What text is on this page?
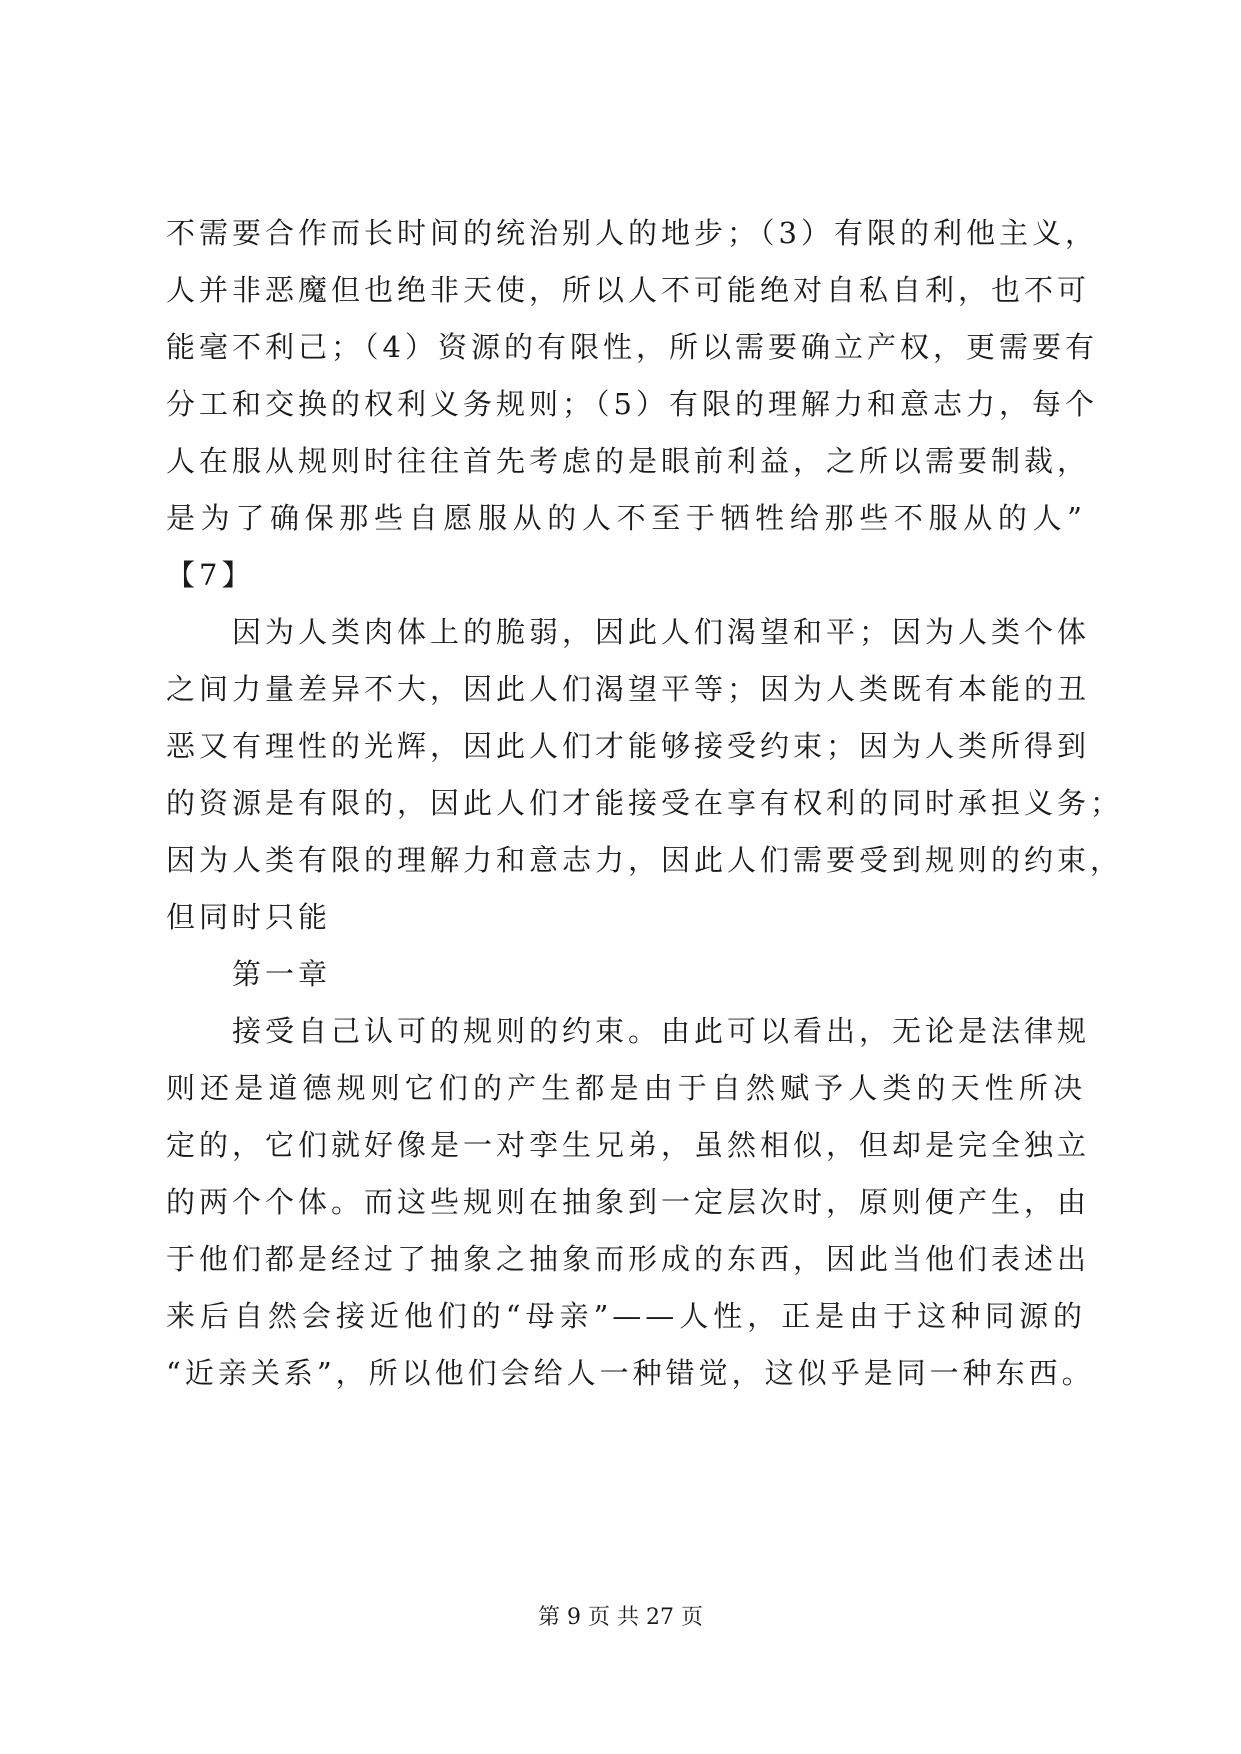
不需要合作而长时间的统治别人的地步；（3）有限的利他主义，
人并非恶魔但也绝非天使，所以人不可能绝对自私自利，也不可
能毫不利己；（4）资源的有限性，所以需要确立产权，更需要有
分工和交换的权利义务规则；（5）有限的理解力和意志力，每个
人在服从规则时往往首先考虑的是眼前利益，之所以需要制裁，
是为了确保那些自愿服从的人不至于牺牲给那些不服从的人”
【7】
因为人类肉体上的脆弱，因此人们渴望和平；因为人类个体
之间力量差异不大，因此人们渴望平等；因为人类既有本能的丑
恶又有理性的光辉，因此人们才能够接受约束；因为人类所得到
的资源是有限的，因此人们才能接受在享有权利的同时承担义务；
因为人类有限的理解力和意志力，因此人们需要受到规则的约束，
但同时只能
第一章
接受自己认可的规则的约束。由此可以看出，无论是法律规
则还是道德规则它们的产生都是由于自然赋予人类的天性所决
定的，它们就好像是一对孪生兄弟，虽然相似，但却是完全独立
的两个个体。而这些规则在抽象到一定层次时，原则便产生，由
于他们都是经过了抽象之抽象而形成的东西，因此当他们表述出
来后自然会接近他们的“母亲”——人性，正是由于这种同源的
“近亲关系”，所以他们会给人一种错觉，这似乎是同一种东西。
第 9 页 共 27 页
